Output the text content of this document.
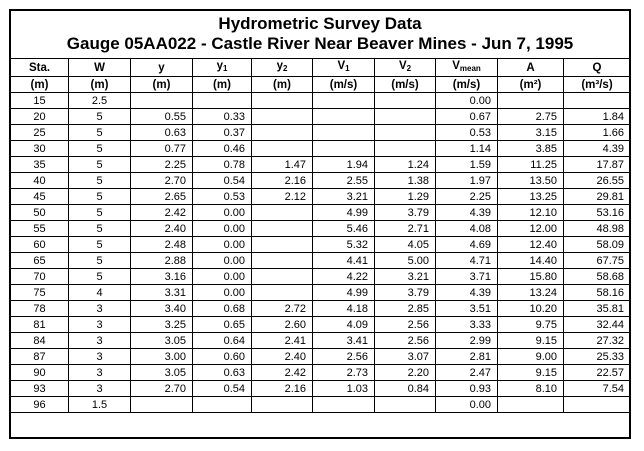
Hydrometric Survey Data
Gauge 05AA022 - Castle River Near Beaver Mines - Jun 7, 1995
Sta.	W	y	$y_1$	$y_2$	$V_1$	$V_2$	$V_{mean}$	A	Q
(m)	(m)	(m)	(m)	(m)	(m/s)	(m/s)	(m/s)	(m²)	(m³/s)
15	2.5						0.00		
20	5	0.55	0.33				0.67	2.75	1.84
25	5	0.63	0.37				0.53	3.15	1.66
30	5	0.77	0.46				1.14	3.85	4.39
35	5	2.25	0.78	1.47	1.94	1.24	1.59	11.25	17.87
40	5	2.70	0.54	2.16	2.55	1.38	1.97	13.50	26.55
45	5	2.65	0.53	2.12	3.21	1.29	2.25	13.25	29.81
50	5	2.42	0.00		4.99	3.79	4.39	12.10	53.16
55	5	2.40	0.00		5.46	2.71	4.08	12.00	48.98
60	5	2.48	0.00		5.32	4.05	4.69	12.40	58.09
65	5	2.88	0.00		4.41	5.00	4.71	14.40	67.75
70	5	3.16	0.00		4.22	3.21	3.71	15.80	58.68
75	4	3.31	0.00		4.99	3.79	4.39	13.24	58.16
78	3	3.40	0.68	2.72	4.18	2.85	3.51	10.20	35.81
81	3	3.25	0.65	2.60	4.09	2.56	3.33	9.75	32.44
84	3	3.05	0.64	2.41	3.41	2.56	2.99	9.15	27.32
87	3	3.00	0.60	2.40	2.56	3.07	2.81	9.00	25.33
90	3	3.05	0.63	2.42	2.73	2.20	2.47	9.15	22.57
93	3	2.70	0.54	2.16	1.03	0.84	0.93	8.10	7.54
96	1.5						0.00		
